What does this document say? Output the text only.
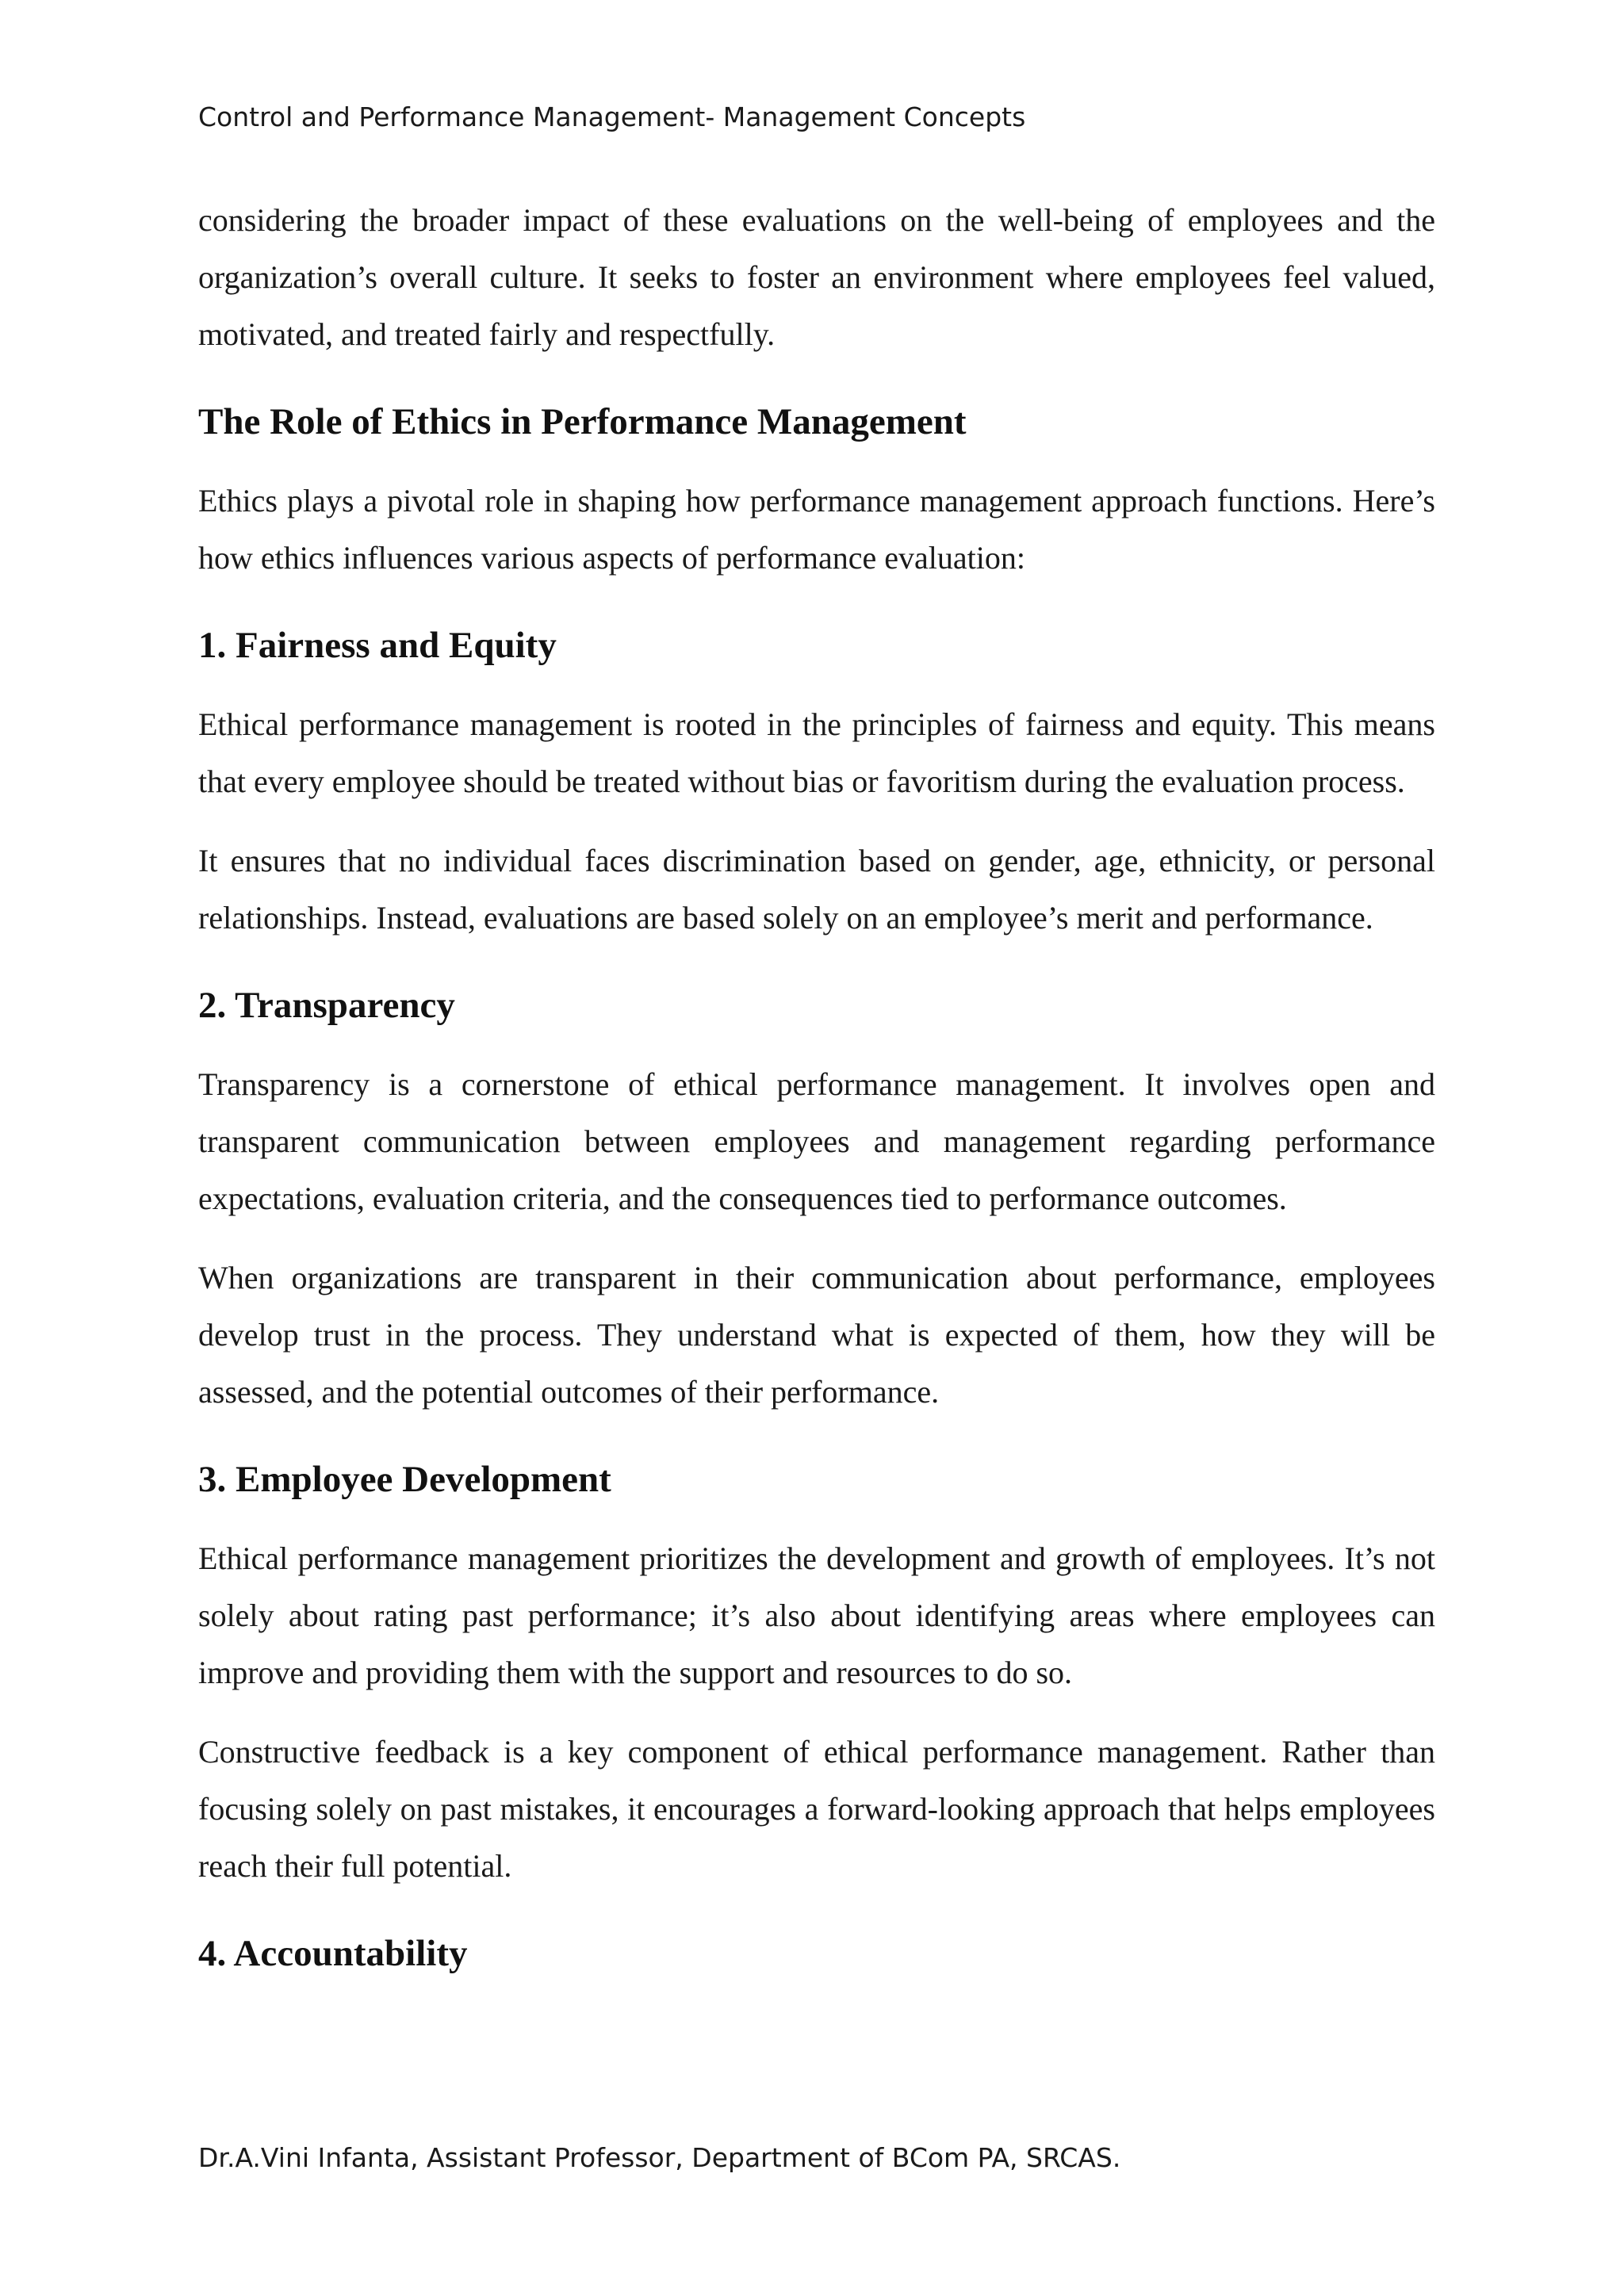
Control and Performance Management- Management Concepts

considering the broader impact of these evaluations on the well-being of employees and the organization’s overall culture. It seeks to foster an environment where employees feel valued, motivated, and treated fairly and respectfully.

The Role of Ethics in Performance Management

Ethics plays a pivotal role in shaping how performance management approach functions. Here’s how ethics influences various aspects of performance evaluation:

1. Fairness and Equity

Ethical performance management is rooted in the principles of fairness and equity. This means that every employee should be treated without bias or favoritism during the evaluation process.

It ensures that no individual faces discrimination based on gender, age, ethnicity, or personal relationships. Instead, evaluations are based solely on an employee’s merit and performance.

2. Transparency

Transparency is a cornerstone of ethical performance management. It involves open and transparent communication between employees and management regarding performance expectations, evaluation criteria, and the consequences tied to performance outcomes.

When organizations are transparent in their communication about performance, employees develop trust in the process. They understand what is expected of them, how they will be assessed, and the potential outcomes of their performance.

3. Employee Development

Ethical performance management prioritizes the development and growth of employees. It’s not solely about rating past performance; it’s also about identifying areas where employees can improve and providing them with the support and resources to do so.

Constructive feedback is a key component of ethical performance management. Rather than focusing solely on past mistakes, it encourages a forward-looking approach that helps employees reach their full potential.

4. Accountability
Dr.A.Vini Infanta, Assistant Professor, Department of BCom PA, SRCAS.
